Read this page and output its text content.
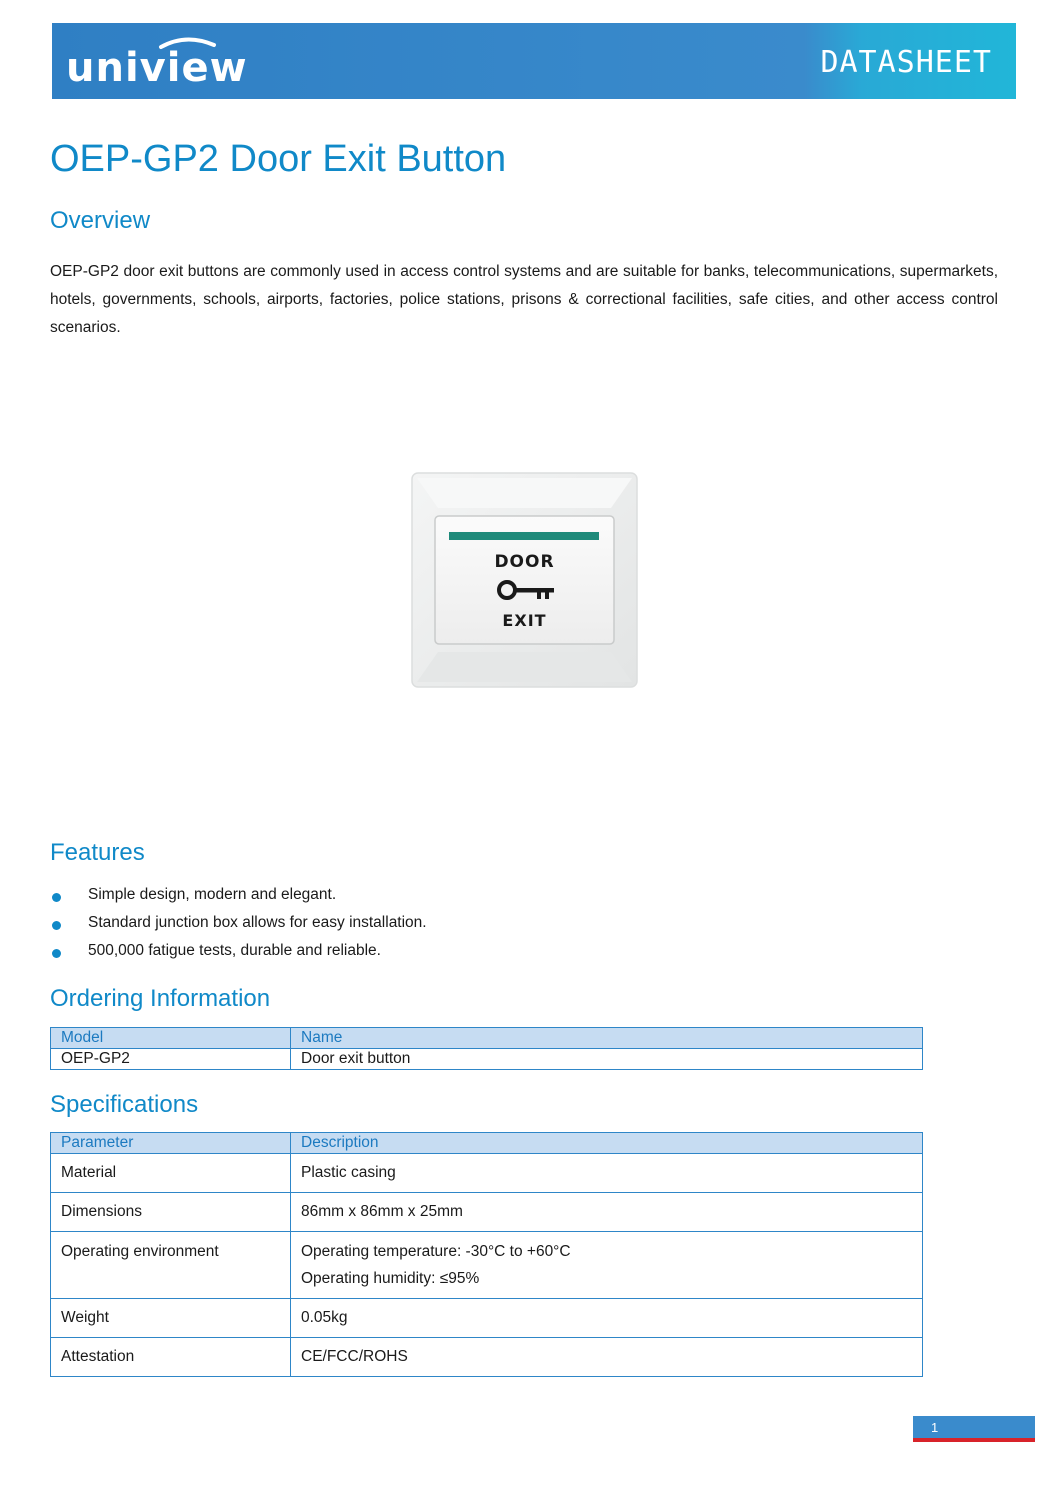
uniview	DATASHEET
OEP-GP2 Door Exit Button
Overview

OEP-GP2 door exit buttons are commonly used in access control systems and are suitable for banks, telecommunications, supermarkets, hotels, governments, schools, airports, factories, police stations, prisons & correctional facilities, safe cities, and other access control scenarios.

DOOR
EXIT
Features
Simple design, modern and elegant.
Standard junction box allows for easy installation.
500,000 fatigue tests, durable and reliable.
Ordering Information
Model	Name
OEP-GP2	Door exit button
Specifications
Parameter	Description
Material	Plastic casing
Dimensions	86mm x 86mm x 25mm
Operating environment	Operating temperature: -30°C to +60°C
Operating humidity: ≤95%

Weight	0.05kg
Attestation	CE/FCC/ROHS
1
